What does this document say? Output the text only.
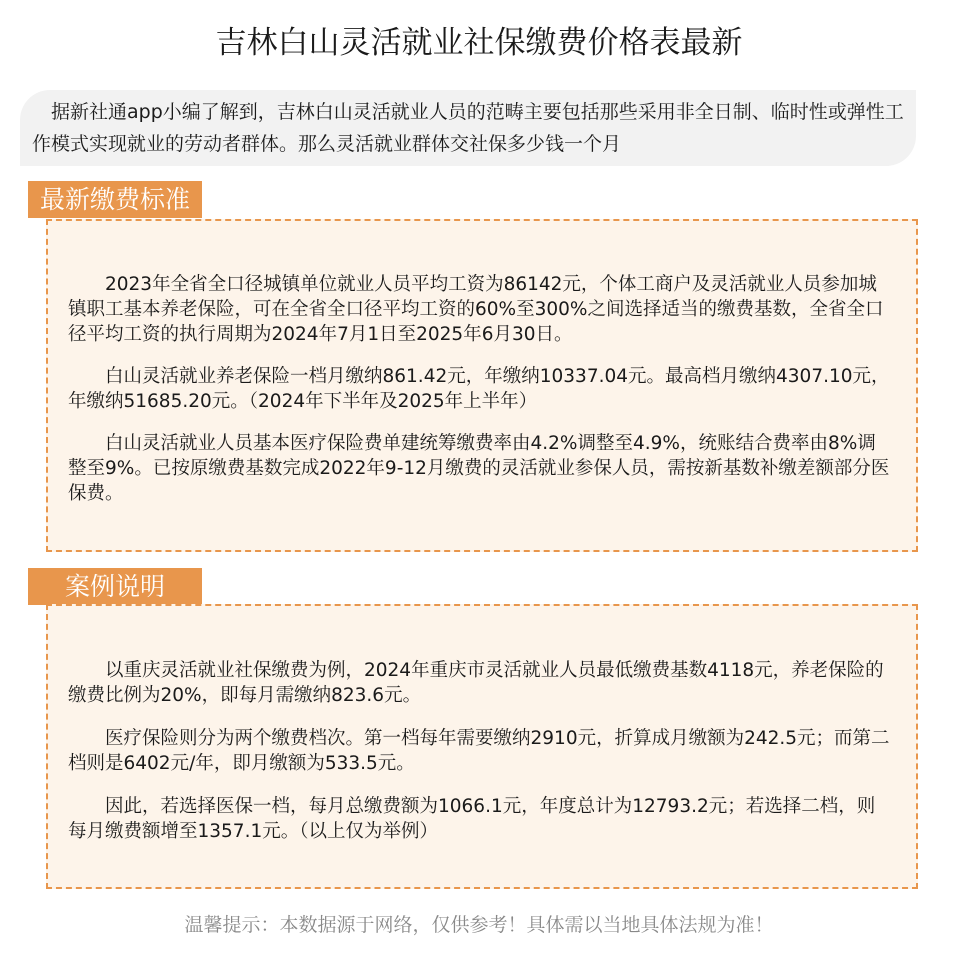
吉林白山灵活就业社保缴费价格表最新
据新社通app小编了解到，吉林白山灵活就业人员的范畴主要包括那些采用非全日制、临时性或弹性工作模式实现就业的劳动者群体。那么灵活就业群体交社保多少钱一个月
最新缴费标准

2023年全省全口径城镇单位就业人员平均工资为86142元，个体工商户及灵活就业人员参加城镇职工基本养老保险，可在全省全口径平均工资的60%至300%之间选择适当的缴费基数，全省全口径平均工资的执行周期为2024年7月1日至2025年6月30日。

白山灵活就业养老保险一档月缴纳861.42元，年缴纳10337.04元。最高档月缴纳4307.10元，年缴纳51685.20元。（2024年下半年及2025年上半年）

白山灵活就业人员基本医疗保险费单建统筹缴费率由4.2%调整至4.9%，统账结合费率由8%调整至9%。已按原缴费基数完成2022年9-12月缴费的灵活就业参保人员，需按新基数补缴差额部分医保费。

案例说明

以重庆灵活就业社保缴费为例，2024年重庆市灵活就业人员最低缴费基数4118元，养老保险的缴费比例为20%，即每月需缴纳823.6元。

医疗保险则分为两个缴费档次。第一档每年需要缴纳2910元，折算成月缴额为242.5元；而第二档则是6402元/年，即月缴额为533.5元。

因此，若选择医保一档，每月总缴费额为1066.1元，年度总计为12793.2元；若选择二档，则每月缴费额增至1357.1元。（以上仅为举例）

温馨提示：本数据源于网络，仅供参考！具体需以当地具体法规为准！
